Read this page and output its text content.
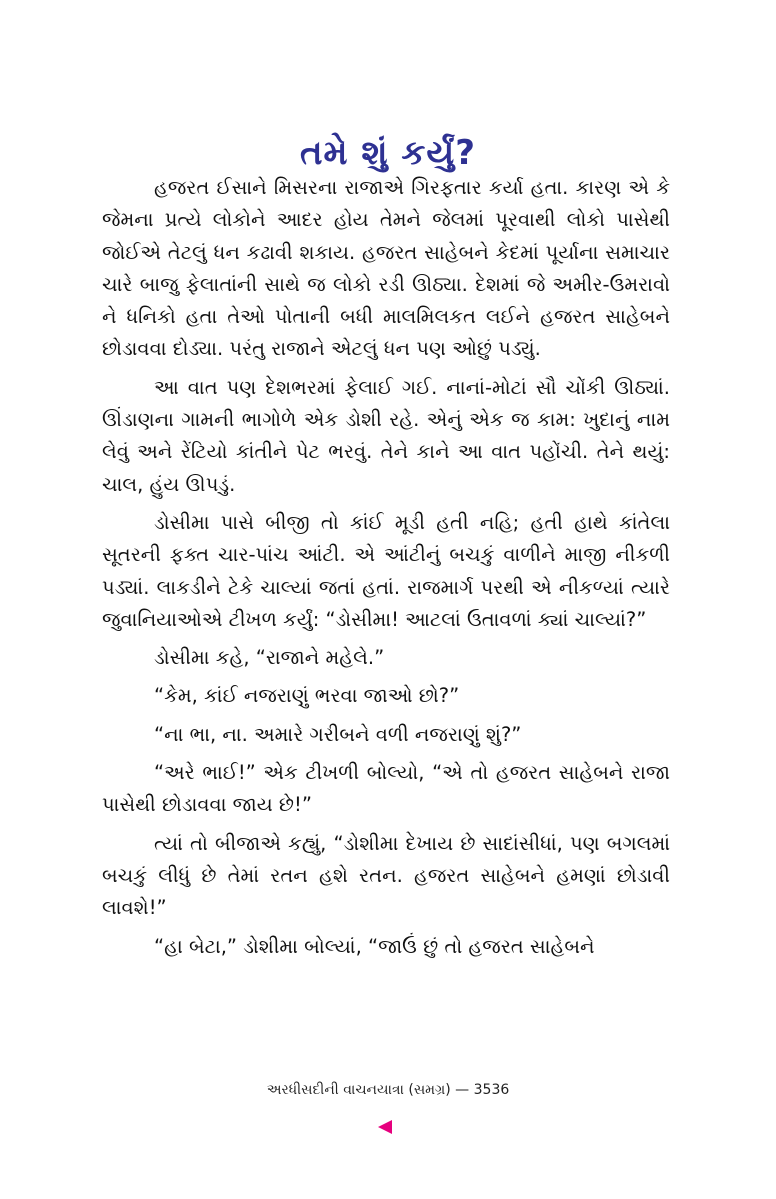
તમે શું કર્યું?

હજરત ઈસાને મિસરના રાજાએ ગિરફતાર કર્યા હતા. કારણ એ કે જેમના પ્રત્યે લોકોને આદર હોય તેમને જેલમાં પૂરવાથી લોકો પાસેથી જોઈએ તેટલું ધન કઢાવી શકાય. હજરત સાહેબને કેદમાં પૂર્યાના સમાચાર ચારે બાજુ ફેલાતાંની સાથે જ લોકો રડી ઊઠ્યા. દેશમાં જે અમીર-ઉમરાવો ને ધનિકો હતા તેઓ પોતાની બધી માલમિલકત લઈને હજરત સાહેબને છોડાવવા દોડ્યા. પરંતુ રાજાને એટલું ધન પણ ઓછું પડ્યું.

આ વાત પણ દેશભરમાં ફેલાઈ ગઈ. નાનાં-મોટાં સૌ ચોંકી ઊઠ્યાં. ઊંડાણના ગામની ભાગોળે એક ડોશી રહે. એનું એક જ કામ: ખુદાનું નામ લેવું અને રેંટિયો કાંતીને પેટ ભરવું. તેને કાને આ વાત પહોંચી. તેને થયું: ચાલ, હુંય ઊપડું.

ડોસીમા પાસે બીજી તો કાંઈ મૂડી હતી નહિ; હતી હાથે કાંતેલા સૂતરની ફક્ત ચાર-પાંચ આંટી. એ આંટીનું બચકું વાળીને માજી નીકળી પડ્યાં. લાકડીને ટેકે ચાલ્યાં જતાં હતાં. રાજમાર્ગ પરથી એ નીકળ્યાં ત્યારે જુવાનિયાઓએ ટીખળ કર્યું: “ડોસીમા! આટલાં ઉતાવળાં ક્યાં ચાલ્યાં?”

ડોસીમા કહે, “રાજાને મહેલે.”

“કેમ, કાંઈ નજરાણું ભરવા જાઓ છો?”

“ના ભા, ના. અમારે ગરીબને વળી નજરાણું શું?”

“અરે ભાઈ!” એક ટીખળી બોલ્યો, “એ તો હજરત સાહેબને રાજા પાસેથી છોડાવવા જાય છે!”

ત્યાં તો બીજાએ કહ્યું, “ડોશીમા દેખાય છે સાદાંસીધાં, પણ બગલમાં બચકું લીધું છે તેમાં રતન હશે રતન. હજરત સાહેબને હમણાં છોડાવી લાવશે!”

“હા બેટા,” ડોશીમા બોલ્યાં, “જાઉં છું તો હજરત સાહેબને

અરધીસદીની વાચનયાત્રા (સમગ્ર) — 3536
